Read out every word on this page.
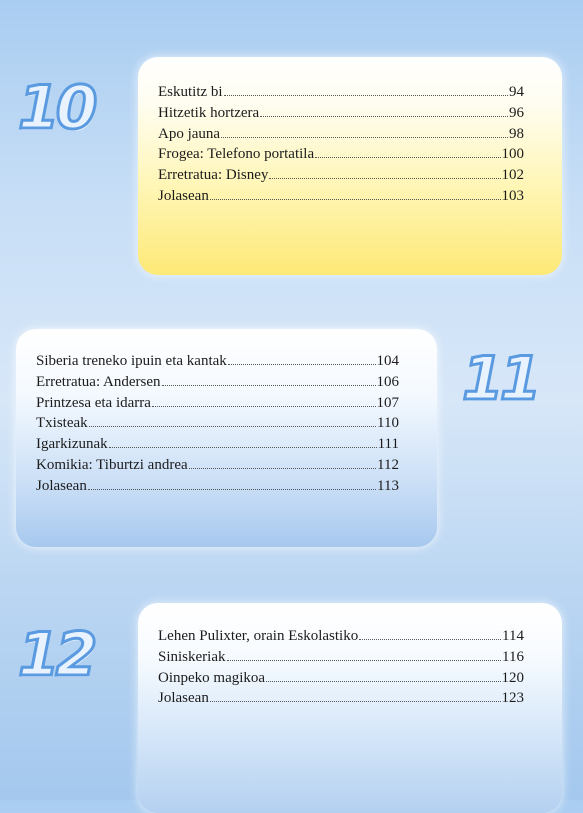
Eskutitz bi	94
Hitzetik hortzera	96
Apo jauna	98
Frogea: Telefono portatila	100
Erretratua: Disney	102
Jolasean	103
10
Siberia treneko ipuin eta kantak	104
Erretratua: Andersen	106
Printzesa eta idarra	107
Txisteak	110
Igarkizunak	111
Komikia: Tiburtzi andrea	112
Jolasean	113
11
Lehen Pulixter, orain Eskolastiko	114
Siniskeriak	116
Oinpeko magikoa	120
Jolasean	123
12
